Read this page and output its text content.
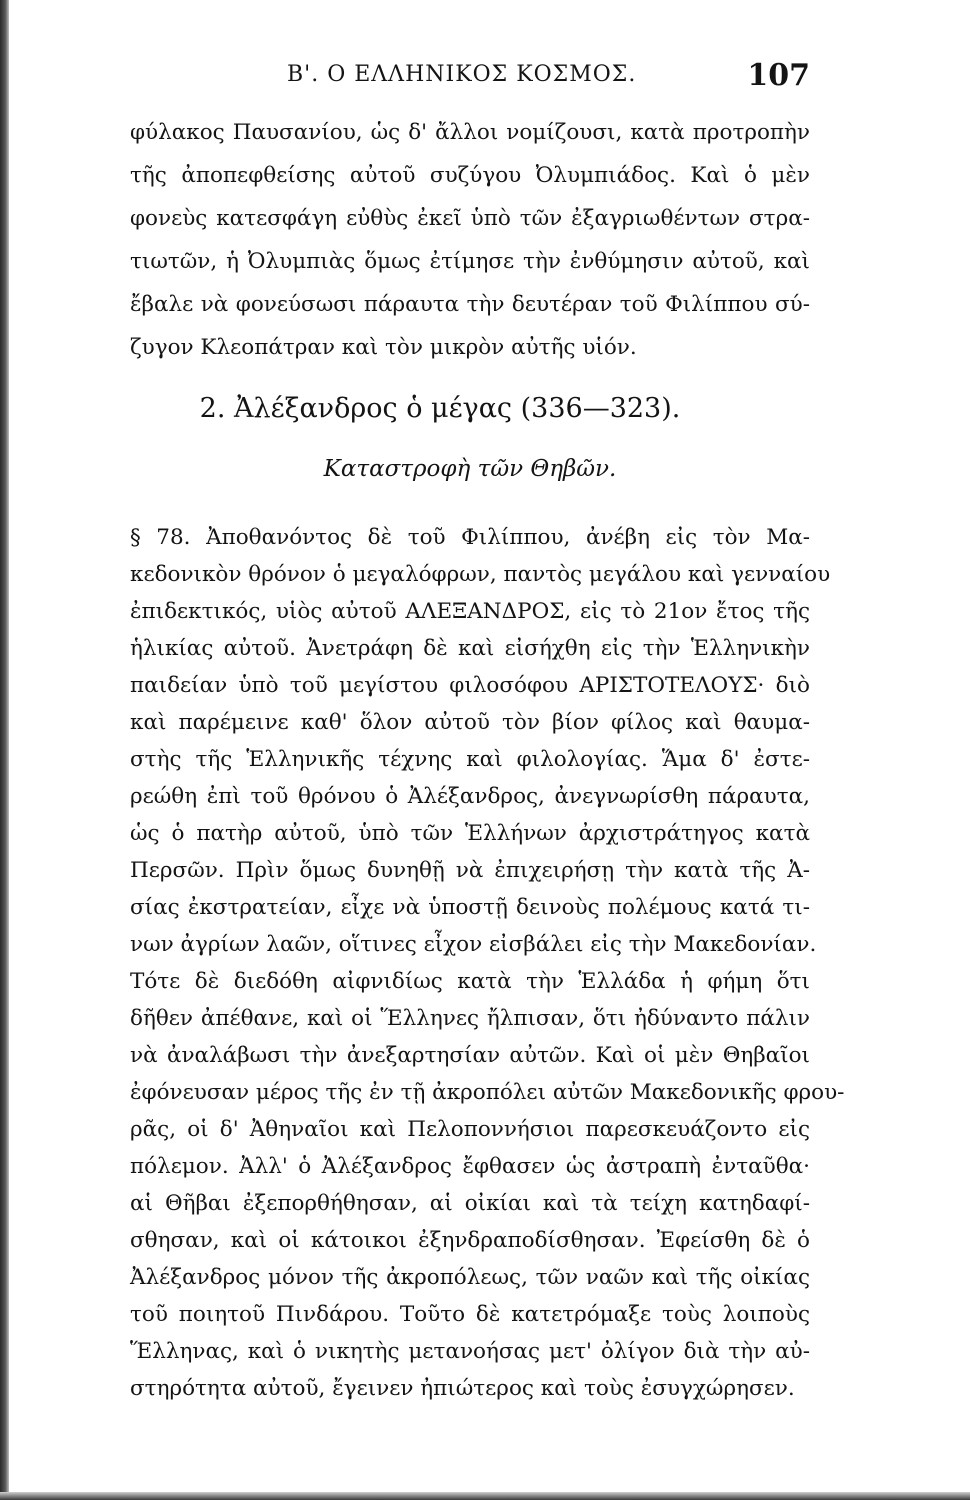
Β'. Ο ΕΛΛΗΝΙΚΟΣ ΚΟΣΜΟΣ.	107
φύλακος Παυσανίου, ὡς δ' ἄλλοι νομίζουσι, κατὰ προτροπὴν
τῆς ἀποπεφθείσης αὐτοῦ συζύγου Ὀλυμπιάδος. Καὶ ὁ μὲν
φονεὺς κατεσφάγη εὐθὺς ἐκεῖ ὑπὸ τῶν ἐξαγριωθέντων στρα-
τιωτῶν, ἡ Ὀλυμπιὰς ὅμως ἐτίμησε τὴν ἐνθύμησιν αὐτοῦ, καὶ
ἔβαλε νὰ φονεύσωσι πάραυτα τὴν δευτέραν τοῦ Φιλίππου σύ-
ζυγον Κλεοπάτραν καὶ τὸν μικρὸν αὐτῆς υἱόν.
2. Ἀλέξανδρος ὁ μέγας (336—323).
Καταστροφὴ τῶν Θηβῶν.
§ 78. Ἀποθανόντος δὲ τοῦ Φιλίππου, ἀνέβη εἰς τὸν Μα-
κεδονικὸν θρόνον ὁ μεγαλόφρων, παντὸς μεγάλου καὶ γενναίου
ἐπιδεκτικός, υἱὸς αὐτοῦ ΑΛΕΞΑΝΔΡΟΣ, εἰς τὸ 21ον ἔτος τῆς
ἡλικίας αὐτοῦ. Ἀνετράφη δὲ καὶ εἰσήχθη εἰς τὴν Ἑλληνικὴν
παιδείαν ὑπὸ τοῦ μεγίστου φιλοσόφου ΑΡΙΣΤΟΤΕΛΟΥΣ· διὸ
καὶ παρέμεινε καθ' ὅλον αὐτοῦ τὸν βίον φίλος καὶ θαυμα-
στὴς τῆς Ἑλληνικῆς τέχνης καὶ φιλολογίας. Ἅμα δ' ἐστε-
ρεώθη ἐπὶ τοῦ θρόνου ὁ Ἀλέξανδρος, ἀνεγνωρίσθη πάραυτα,
ὡς ὁ πατὴρ αὐτοῦ, ὑπὸ τῶν Ἑλλήνων ἀρχιστράτηγος κατὰ
Περσῶν. Πρὶν ὅμως δυνηθῇ νὰ ἐπιχειρήσῃ τὴν κατὰ τῆς Ἀ-
σίας ἐκστρατείαν, εἶχε νὰ ὑποστῇ δεινοὺς πολέμους κατά τι-
νων ἀγρίων λαῶν, οἵτινες εἶχον εἰσβάλει εἰς τὴν Μακεδονίαν.
Τότε δὲ διεδόθη αἰφνιδίως κατὰ τὴν Ἑλλάδα ἡ φήμη ὅτι
δῆθεν ἀπέθανε, καὶ οἱ Ἕλληνες ἤλπισαν, ὅτι ἠδύναντο πάλιν
νὰ ἀναλάβωσι τὴν ἀνεξαρτησίαν αὐτῶν. Καὶ οἱ μὲν Θηβαῖοι
ἐφόνευσαν μέρος τῆς ἐν τῇ ἀκροπόλει αὐτῶν Μακεδονικῆς φρου-
ρᾶς, οἱ δ' Ἀθηναῖοι καὶ Πελοποννήσιοι παρεσκευάζοντο εἰς
πόλεμον. Ἀλλ' ὁ Ἀλέξανδρος ἔφθασεν ὡς ἀστραπὴ ἐνταῦθα·
αἱ Θῆβαι ἐξεπορθήθησαν, αἱ οἰκίαι καὶ τὰ τείχη κατηδαφί-
σθησαν, καὶ οἱ κάτοικοι ἐξηνδραποδίσθησαν. Ἐφείσθη δὲ ὁ
Ἀλέξανδρος μόνον τῆς ἀκροπόλεως, τῶν ναῶν καὶ τῆς οἰκίας
τοῦ ποιητοῦ Πινδάρου. Τοῦτο δὲ κατετρόμαξε τοὺς λοιποὺς
Ἕλληνας, καὶ ὁ νικητὴς μετανοήσας μετ' ὀλίγον διὰ τὴν αὐ-
στηρότητα αὐτοῦ, ἔγεινεν ἠπιώτερος καὶ τοὺς ἐσυγχώρησεν.
